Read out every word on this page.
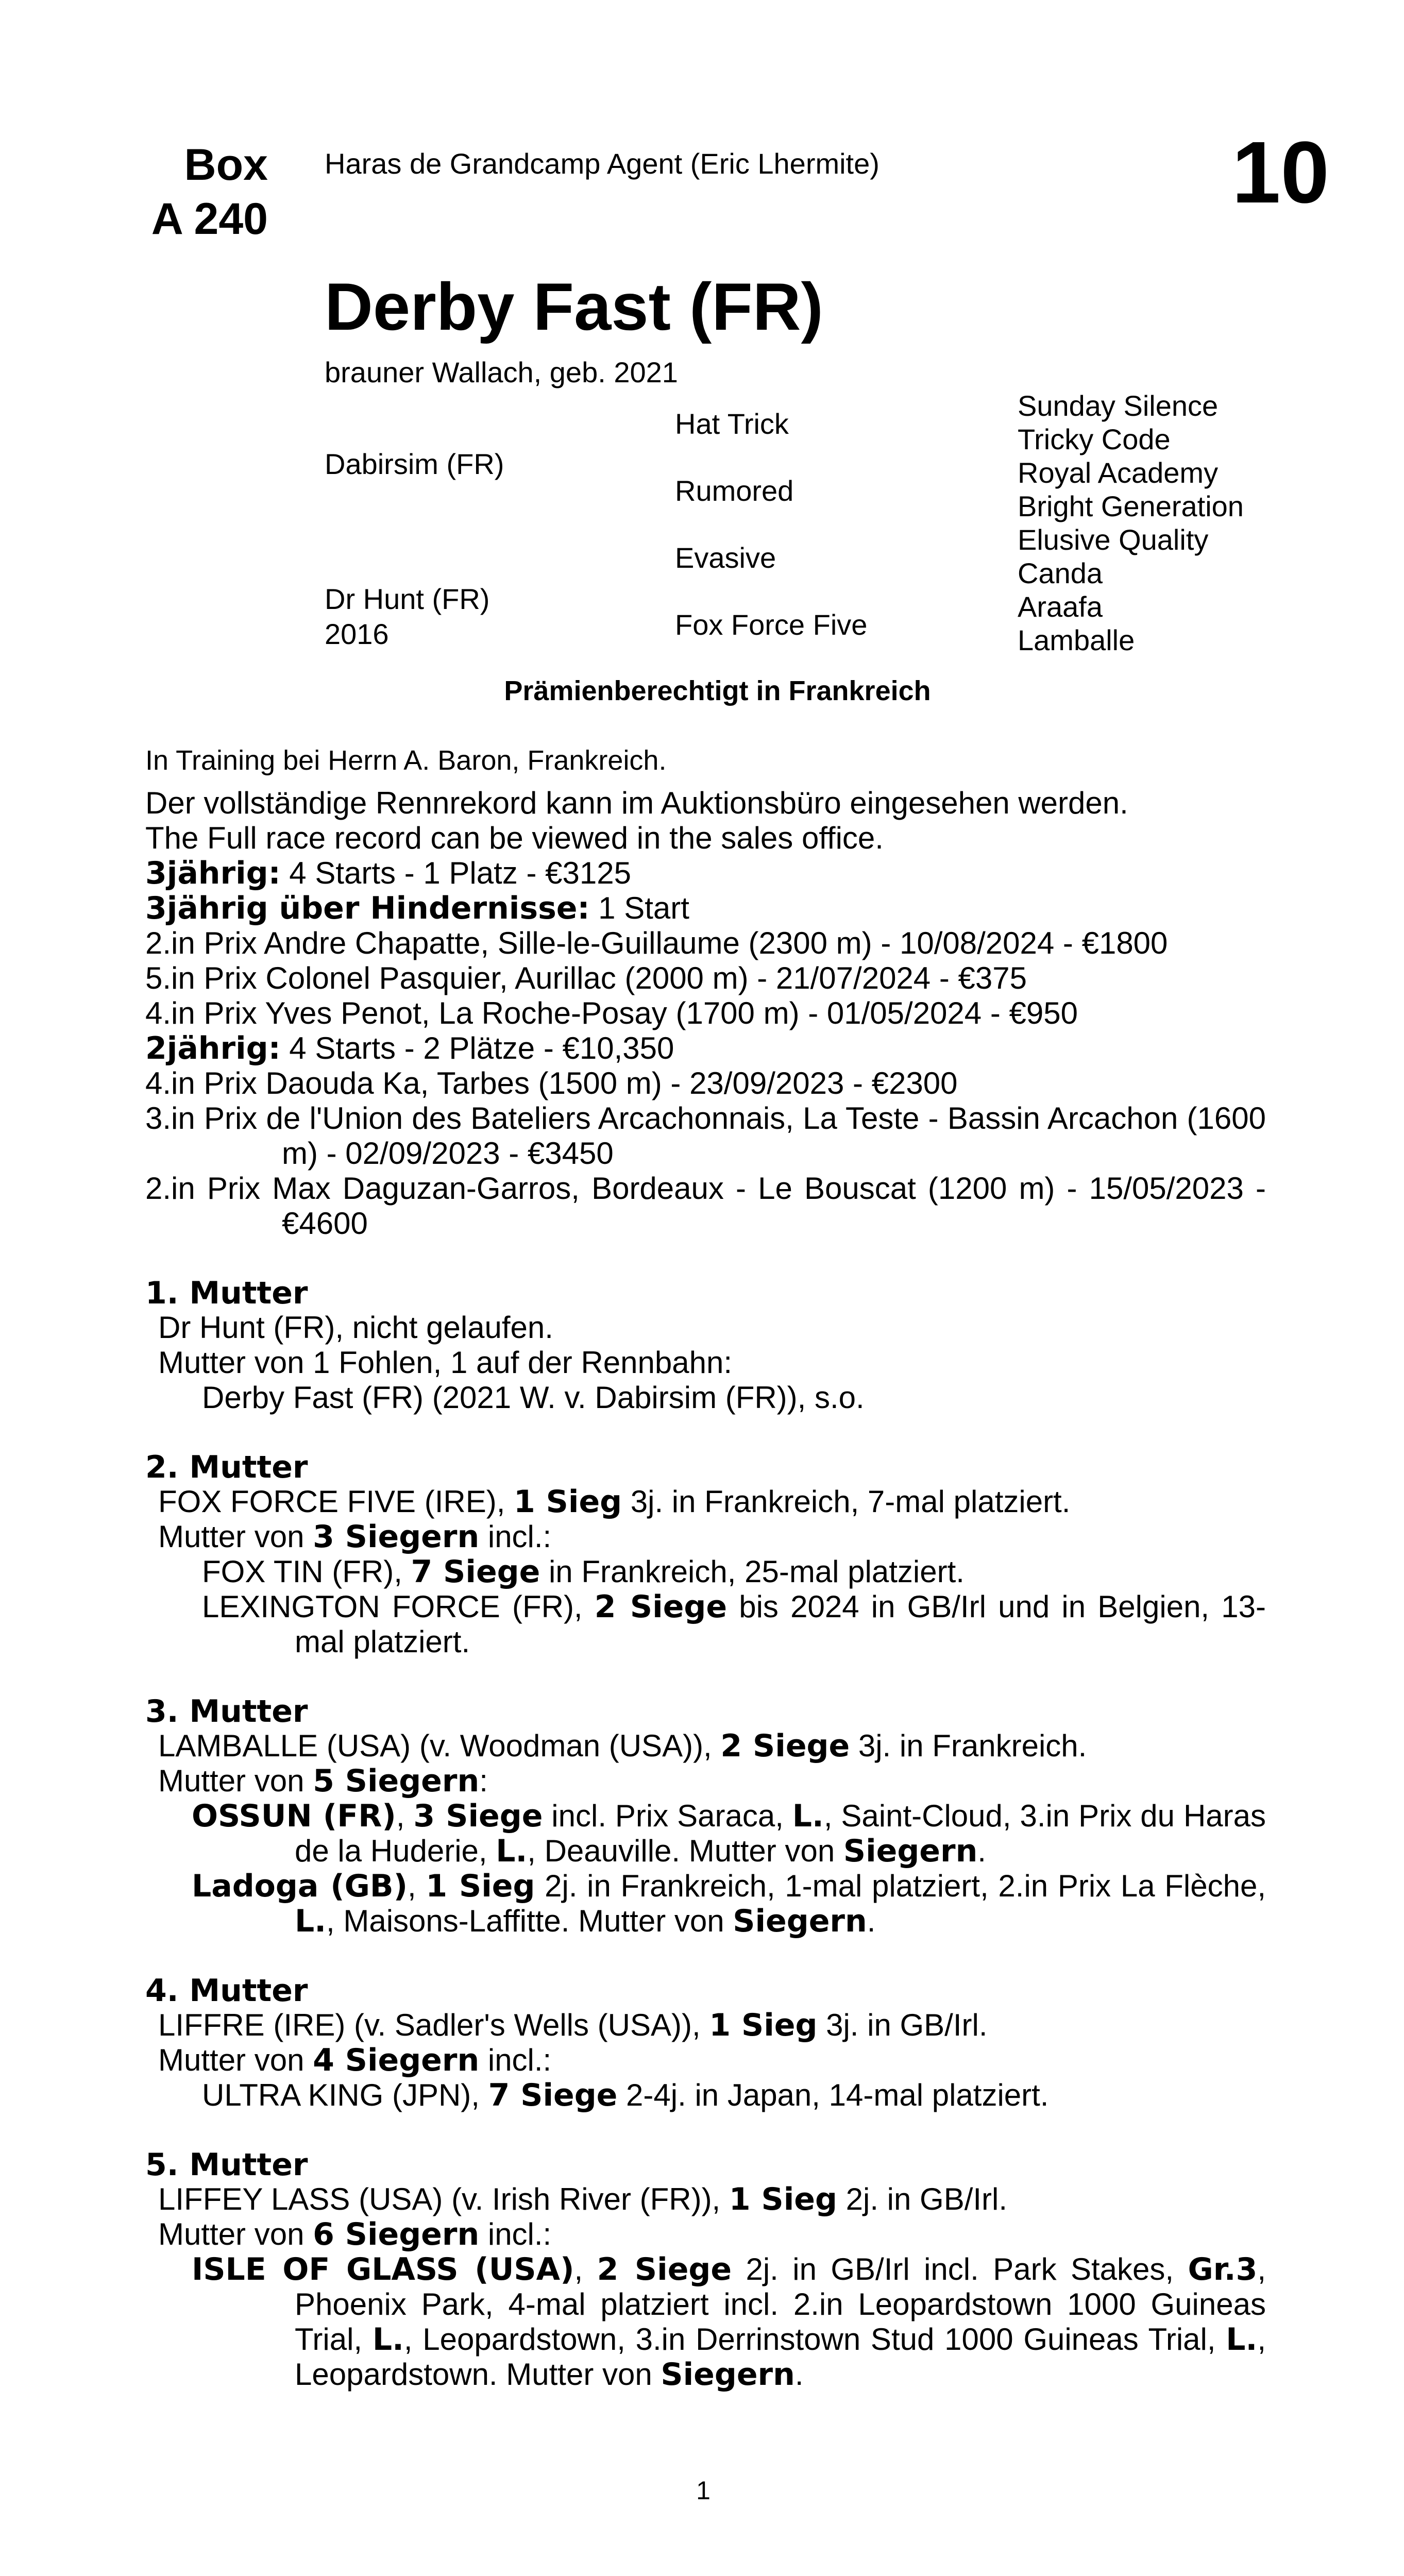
Box
A 240
Haras de Grandcamp Agent (Eric Lhermite)	10
Derby Fast (FR)
brauner Wallach, geb. 2021
Dabirsim (FR)
Dr Hunt (FR)
2016
Hat Trick
Rumored
Evasive
Fox Force Five
Sunday Silence
Tricky Code
Royal Academy
Bright Generation
Elusive Quality
Canda
Araafa
Lamballe
Prämienberechtigt in Frankreich
In Training bei Herrn A. Baron, Frankreich.

Der vollständige Rennrekord kann im Auktionsbüro eingesehen werden.

The Full race record can be viewed in the sales office.

3jährig: 4 Starts - 1 Platz - €3125

3jährig über Hindernisse: 1 Start

2.in Prix Andre Chapatte, Sille-le-Guillaume (2300 m) - 10/08/2024 - €1800

5.in Prix Colonel Pasquier, Aurillac (2000 m) - 21/07/2024 - €375

4.in Prix Yves Penot, La Roche-Posay (1700 m) - 01/05/2024 - €950

2jährig: 4 Starts - 2 Plätze - €10,350

4.in Prix Daouda Ka, Tarbes (1500 m) - 23/09/2023 - €2300

3.in Prix de l'Union des Bateliers Arcachonnais, La Teste - Bassin Arcachon (1600 m) - 02/09/2023 - €3450

2.in Prix Max Daguzan-Garros, Bordeaux - Le Bouscat (1200 m) - 15/05/2023 - €4600

1. Mutter

Dr Hunt (FR), nicht gelaufen.

Mutter von 1 Fohlen, 1 auf der Rennbahn:

Derby Fast (FR) (2021 W. v. Dabirsim (FR)), s.o.

2. Mutter

FOX FORCE FIVE (IRE), 1 Sieg 3j. in Frankreich, 7-mal platziert.

Mutter von 3 Siegern incl.:

FOX TIN (FR), 7 Siege in Frankreich, 25-mal platziert.

LEXINGTON FORCE (FR), 2 Siege bis 2024 in GB/Irl und in Belgien, 13-mal platziert.

3. Mutter

LAMBALLE (USA) (v. Woodman (USA)), 2 Siege 3j. in Frankreich.

Mutter von 5 Siegern:

OSSUN (FR), 3 Siege incl. Prix Saraca, L., Saint-Cloud, 3.in Prix du Haras de la Huderie, L., Deauville. Mutter von Siegern.

Ladoga (GB), 1 Sieg 2j. in Frankreich, 1-mal platziert, 2.in Prix La Flèche, L., Maisons-Laffitte. Mutter von Siegern.

4. Mutter

LIFFRE (IRE) (v. Sadler's Wells (USA)), 1 Sieg 3j. in GB/Irl.

Mutter von 4 Siegern incl.:

ULTRA KING (JPN), 7 Siege 2-4j. in Japan, 14-mal platziert.

5. Mutter

LIFFEY LASS (USA) (v. Irish River (FR)), 1 Sieg 2j. in GB/Irl.

Mutter von 6 Siegern incl.:

ISLE OF GLASS (USA), 2 Siege 2j. in GB/Irl incl. Park Stakes, Gr.3, Phoenix Park, 4-mal platziert incl. 2.in Leopardstown 1000 Guineas Trial, L., Leopardstown, 3.in Derrinstown Stud 1000 Guineas Trial, L., Leopardstown. Mutter von Siegern.

1
